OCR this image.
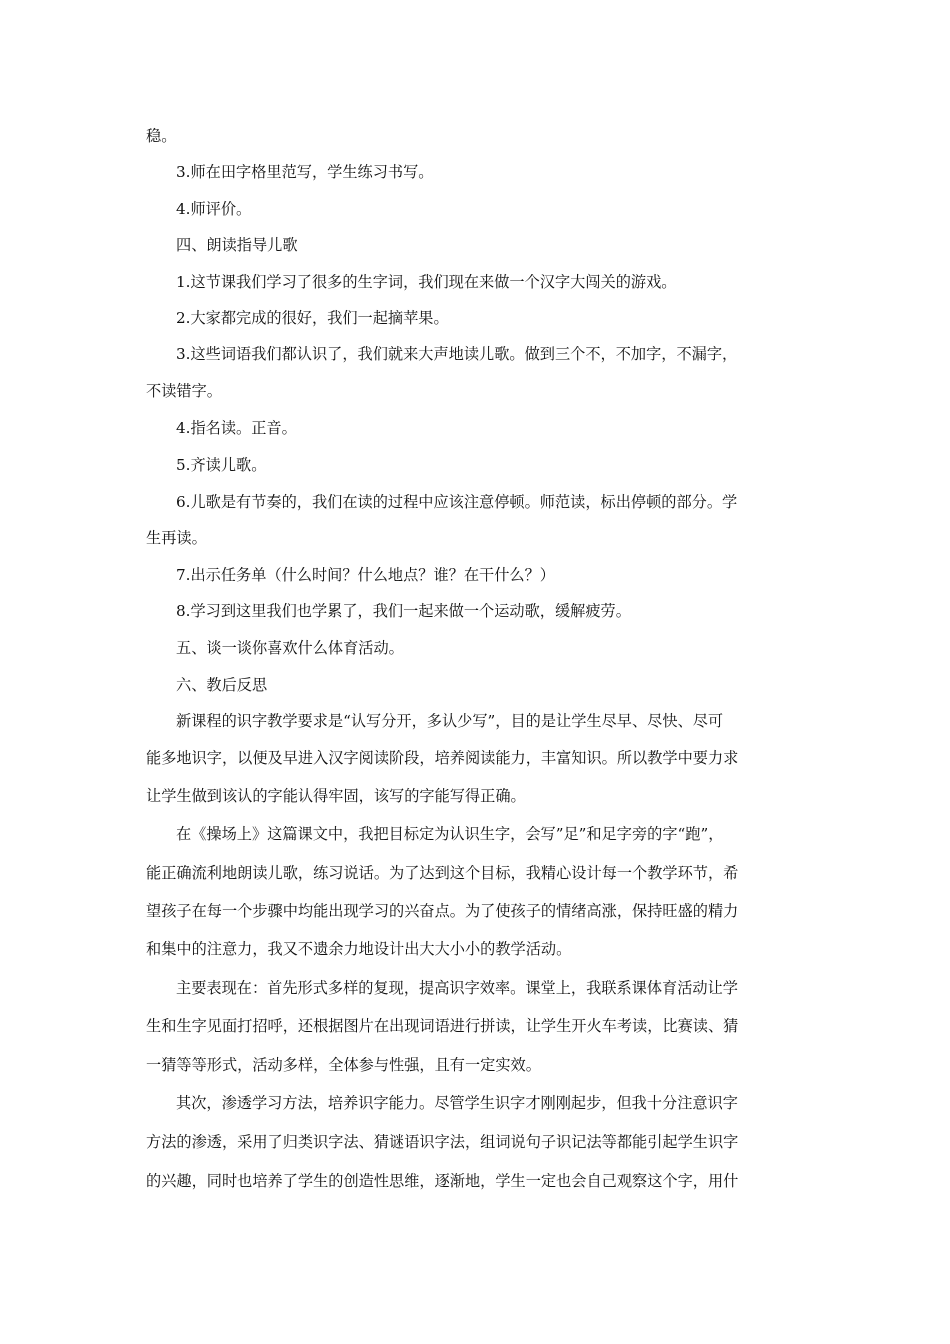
稳。
3.师在田字格里范写，学生练习书写。
4.师评价。
四、朗读指导儿歌
1.这节课我们学习了很多的生字词，我们现在来做一个汉字大闯关的游戏。
2.大家都完成的很好，我们一起摘苹果。
3.这些词语我们都认识了，我们就来大声地读儿歌。做到三个不，不加字，不漏字，
不读错字。
4.指名读。正音。
5.齐读儿歌。
6.儿歌是有节奏的，我们在读的过程中应该注意停顿。师范读，标出停顿的部分。学
生再读。
7.出示任务单（什么时间？什么地点？谁？在干什么？）
8.学习到这里我们也学累了，我们一起来做一个运动歌，缓解疲劳。
五、谈一谈你喜欢什么体育活动。
六、教后反思
新课程的识字教学要求是“认写分开，多认少写”，目的是让学生尽早、尽快、尽可
能多地识字，以便及早进入汉字阅读阶段，培养阅读能力，丰富知识。所以教学中要力求
让学生做到该认的字能认得牢固，该写的字能写得正确。
在《操场上》这篇课文中，我把目标定为认识生字，会写”足”和足字旁的字“跑”，
能正确流利地朗读儿歌，练习说话。为了达到这个目标，我精心设计每一个教学环节，希
望孩子在每一个步骤中均能出现学习的兴奋点。为了使孩子的情绪高涨，保持旺盛的精力
和集中的注意力，我又不遗余力地设计出大大小小的教学活动。
主要表现在：首先形式多样的复现，提高识字效率。课堂上，我联系课体育活动让学
生和生字见面打招呼，还根据图片在出现词语进行拼读，让学生开火车考读，比赛读、猜
一猜等等形式，活动多样，全体参与性强，且有一定实效。
其次，渗透学习方法，培养识字能力。尽管学生识字才刚刚起步，但我十分注意识字
方法的渗透，采用了归类识字法、猜谜语识字法，组词说句子识记法等都能引起学生识字
的兴趣，同时也培养了学生的创造性思维，逐渐地，学生一定也会自己观察这个字，用什
